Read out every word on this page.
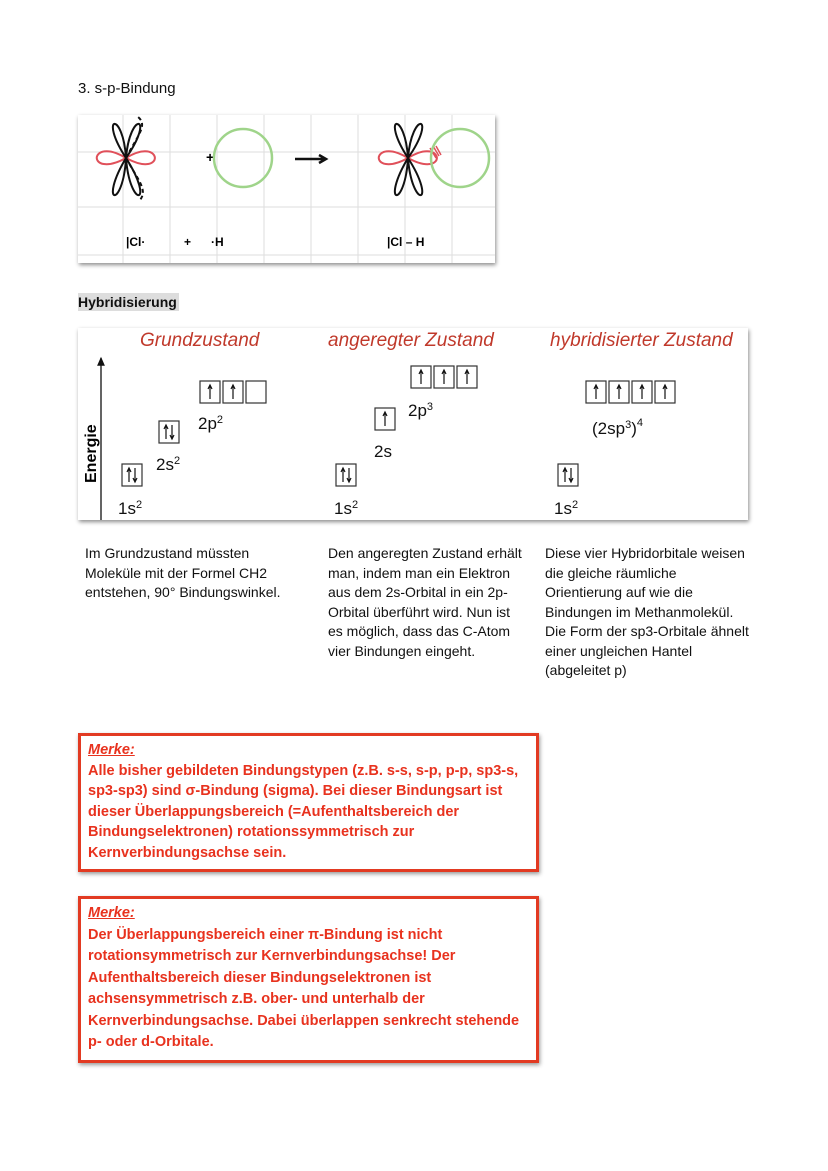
3. s-p-Bindung
+
|Cl·	+ ·H	|Cl – H
Hybridisierung
Energie
Grundzustand	angeregter Zustand	hybridisierter Zustand
$1s^2$
$2s^2$
$2p^2$
$1s^2$
2s
$2p^3$
$1s^2$
$(2sp^3)^4$
Im Grundzustand müssten Moleküle mit der Formel CH2 entstehen, 90° Bindungswinkel.
Den angeregten Zustand erhält man, indem man ein Elektron aus dem 2s-Orbital in ein 2p-Orbital überführt wird. Nun ist es möglich, dass das C-Atom vier Bindungen eingeht.
Diese vier Hybridorbitale weisen die gleiche räumliche Orientierung auf wie die Bindungen im Methanmolekül. Die Form der sp3-Orbitale ähnelt einer ungleichen Hantel (abgeleitet p)
Merke:
Alle bisher gebildeten Bindungstypen (z.B. s-s, s-p, p-p, sp3-s, sp3-sp3) sind σ-Bindung (sigma). Bei dieser Bindungsart ist dieser Überlappungsbereich (=Aufenthaltsbereich der Bindungselektronen) rotationssymmetrisch zur Kernverbindungsachse sein.
Merke:
Der Überlappungsbereich einer π-Bindung ist nicht rotationsymmetrisch zur Kernverbindungsachse! Der Aufenthaltsbereich dieser Bindungselektronen ist achsensymmetrisch z.B. ober- und unterhalb der Kernverbindungsachse. Dabei überlappen senkrecht stehende p- oder d-Orbitale.
